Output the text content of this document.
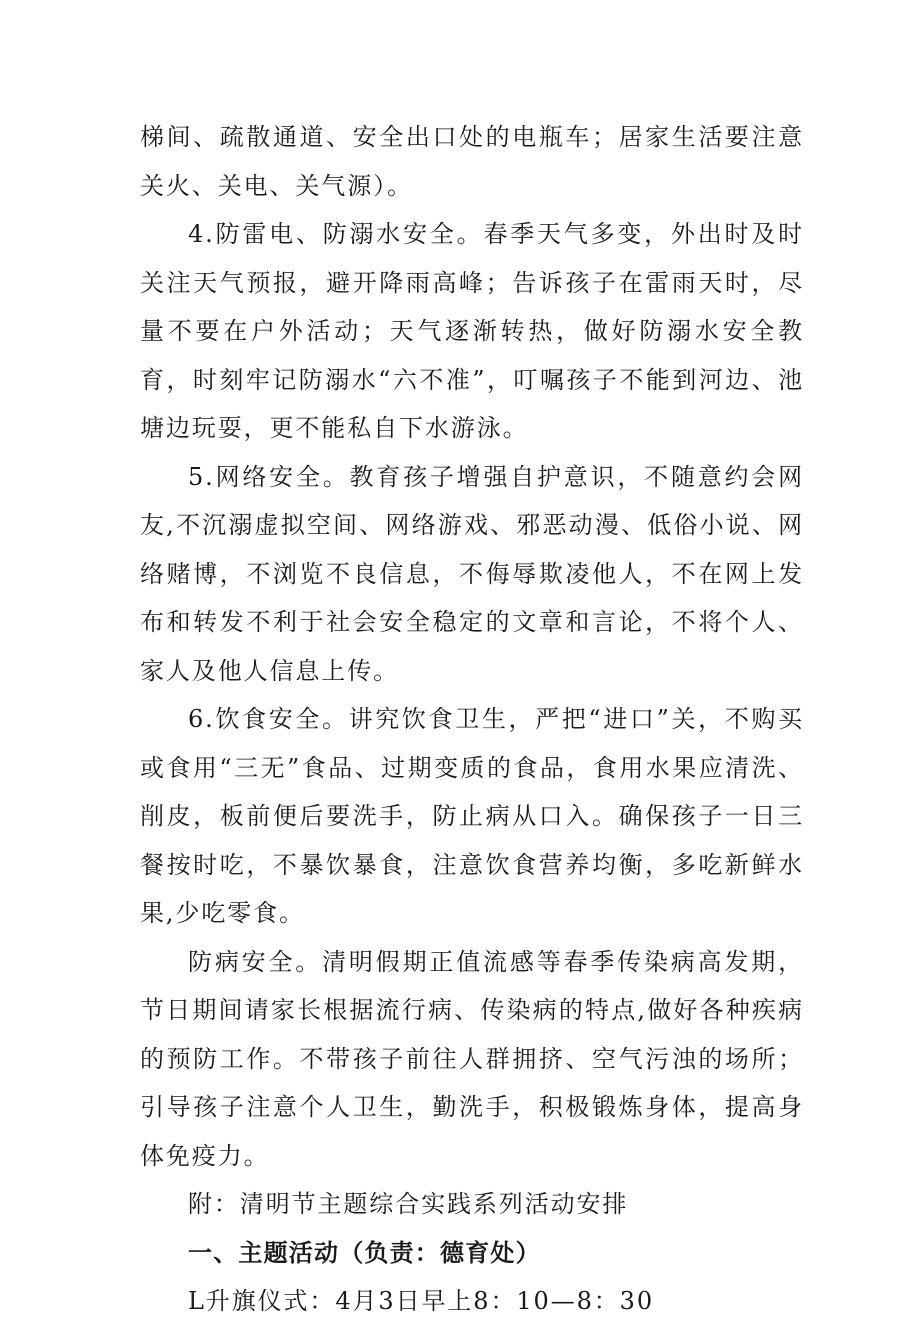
梯间、疏散通道、安全出口处的电瓶车；居家生活要注意关火、关电、关气源）。

4.防雷电、防溺水安全。春季天气多变，外出时及时关注天气预报，避开降雨高峰；告诉孩子在雷雨天时，尽量不要在户外活动；天气逐渐转热，做好防溺水安全教育，时刻牢记防溺水“六不准”，叮嘱孩子不能到河边、池塘边玩耍，更不能私自下水游泳。

5.网络安全。教育孩子增强自护意识，不随意约会网友,不沉溺虚拟空间、网络游戏、邪恶动漫、低俗小说、网络赌博，不浏览不良信息，不侮辱欺凌他人，不在网上发布和转发不利于社会安全稳定的文章和言论，不将个人、家人及他人信息上传。

6.饮食安全。讲究饮食卫生，严把“进口”关，不购买或食用“三无”食品、过期变质的食品，食用水果应清洗、削皮，板前便后要洗手，防止病从口入。确保孩子一日三餐按时吃，不暴饮暴食，注意饮食营养均衡，多吃新鲜水果,少吃零食。

防病安全。清明假期正值流感等春季传染病高发期，节日期间请家长根据流行病、传染病的特点,做好各种疾病的预防工作。不带孩子前往人群拥挤、空气污浊的场所；引导孩子注意个人卫生，勤洗手，积极锻炼身体，提高身体免疫力。

附：清明节主题综合实践系列活动安排

一、主题活动（负责：德育处）

L升旗仪式：4月3日早上8：10—8：30
